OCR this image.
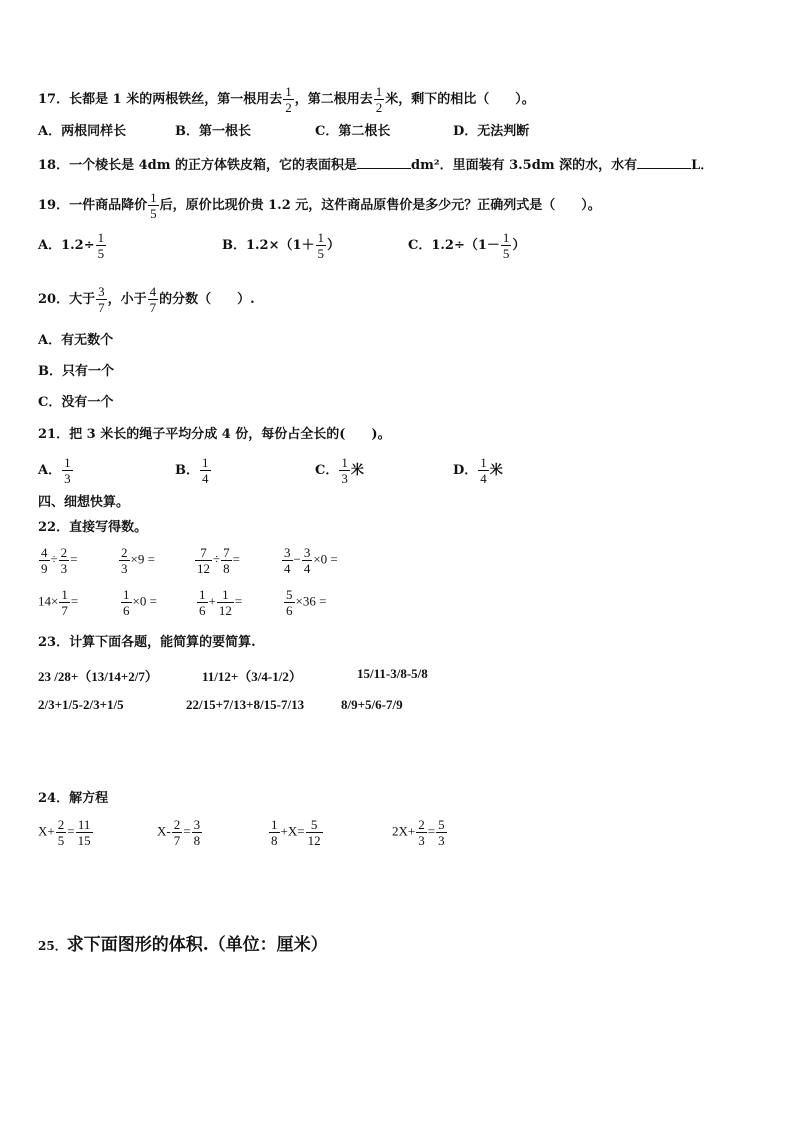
17．长都是 1 米的两根铁丝，第一根用去 $\frac{1}{2}$ ，第二根用去 $\frac{1}{2}$ 米，剩下的相比（　　）。
A．两根同样长	B．第一根长	C．第二根长	D．无法判断
18．一个棱长是 4dm 的正方体铁皮箱，它的表面积是	dm²．里面装有 3.5dm 深的水，水有	L．
19．一件商品降价 $\frac{1}{5}$ 后，原价比现价贵 1.2 元，这件商品原售价是多少元？正确列式是（　　）。
A．$1.2\div \frac{1}{5}$	B．$1.2\times(1+ \frac{1}{5}$ ）	C．$1.2\div(1- \frac{1}{5}$ ）
20．大于 $\frac{3}{7}$ ，小于 $\frac{4}{7}$ 的分数（　　）.
A．有无数个
B．只有一个
C．没有一个
21．把 3 米长的绳子平均分成 4 份，每份占全长的(　　)。
A． $\frac{1}{3}$	B． $\frac{1}{4}$	C． $\frac{1}{3}$ 米	D． $\frac{1}{4}$ 米
四、细想快算。
22．直接写得数。
$\frac{4}{9} \div \frac{2}{3}$ =	$\frac{2}{3} \times 9$ =	$\frac{7}{12} \div \frac{7}{8}$ =	$\frac{3}{4} - \frac{3}{4} \times 0$ =
$14\times \frac{1}{7}$ =	$\frac{1}{6} \times 0$ =	$\frac{1}{6} + \frac{1}{12}$ =	$\frac{5}{6} \times 36$ =
23．计算下面各题，能简算的要简算.
23 /28+（13/14+2/7）	11/12+（3/4-1/2）	15/11-3/8-5/8
2/3+1/5-2/3+1/5	22/15+7/13+8/15-7/13	8/9+5/6-7/9
24．解方程
$X+ \frac{2}{5} = \frac{11}{15}$	$X- \frac{2}{7} = \frac{3}{8}$	$\frac{1}{8} +X= \frac{5}{12}$	$2X+ \frac{2}{3} = \frac{5}{3}$
25．求下面图形的体积.（单位：厘米）
